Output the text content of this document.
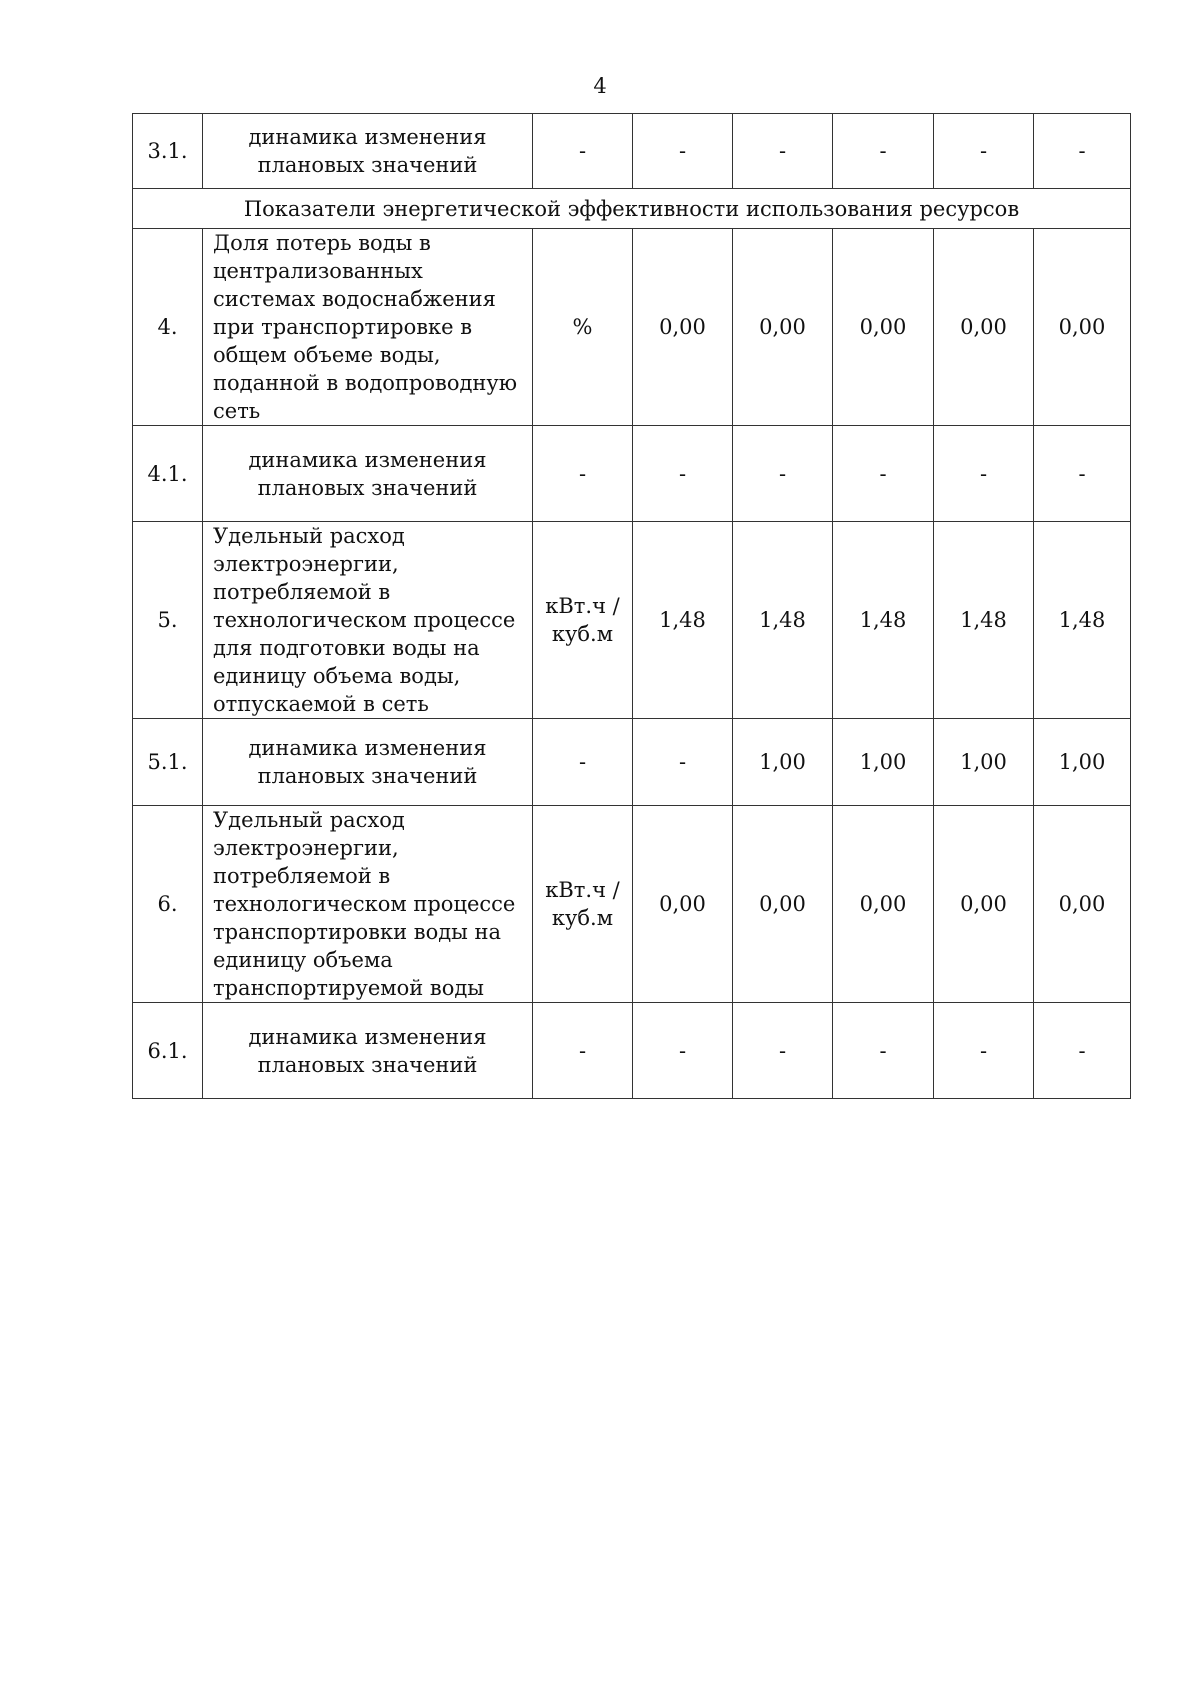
4
3.1.	динамика изменения плановых значений	-	-	-	-	-	-
Показатели энергетической эффективности использования ресурсов							
4.	Доля потерь воды в централизованных системах водоснабжения при транспортировке в общем объеме воды, поданной в водопроводную сеть	%	0,00	0,00	0,00	0,00	0,00
4.1.	динамика изменения плановых значений	-	-	-	-	-	-
5.	Удельный расход электроэнергии, потребляемой в технологическом процессе для подготовки воды на единицу объема воды, отпускаемой в сеть	кВт.ч / куб.м	1,48	1,48	1,48	1,48	1,48
5.1.	динамика изменения плановых значений	-	-	1,00	1,00	1,00	1,00
6.	Удельный расход электроэнергии, потребляемой в технологическом процессе транспортировки воды на единицу объема транспортируемой воды	кВт.ч / куб.м	0,00	0,00	0,00	0,00	0,00
6.1.	динамика изменения плановых значений	-	-	-	-	-	-
